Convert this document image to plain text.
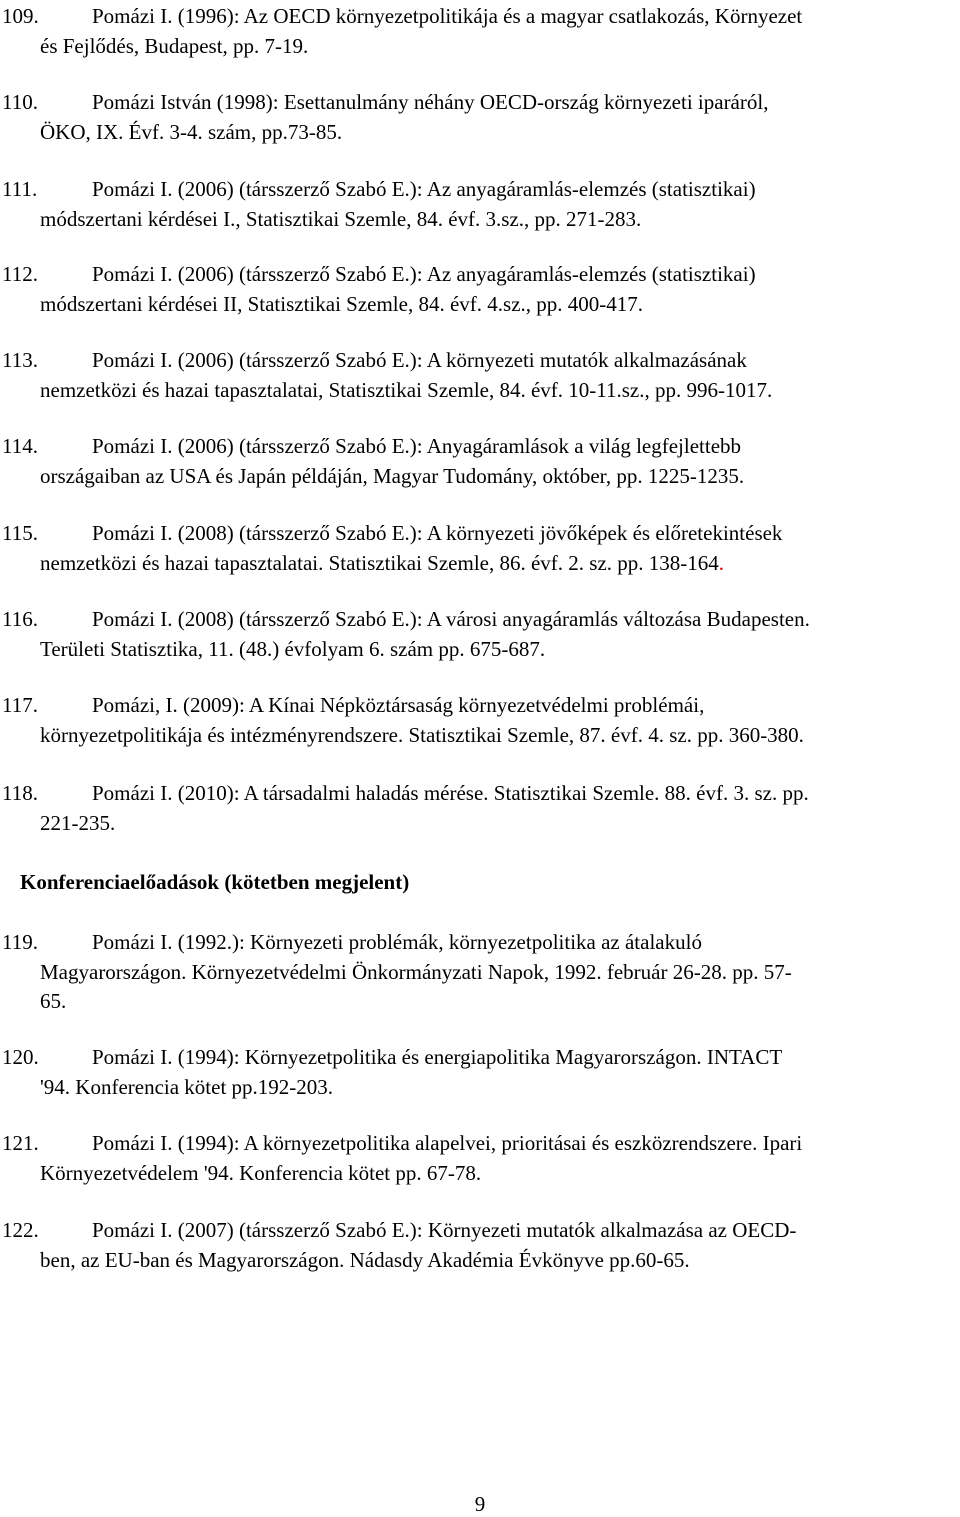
Konferenciaelőadások (kötetben megjelent)
9
109.	Pomázi I. (1996): Az OECD környezetpolitikája és a magyar csatlakozás, Környezet
és Fejlődés, Budapest, pp. 7-19.
110.	Pomázi István (1998): Esettanulmány néhány OECD-ország környezeti iparáról,
ÖKO, IX. Évf. 3-4. szám, pp.73-85.
111.	Pomázi I. (2006) (társszerző Szabó E.): Az anyagáramlás-elemzés (statisztikai)
módszertani kérdései I., Statisztikai Szemle, 84. évf. 3.sz., pp. 271-283.
112.	Pomázi I. (2006) (társszerző Szabó E.): Az anyagáramlás-elemzés (statisztikai)
módszertani kérdései II, Statisztikai Szemle, 84. évf. 4.sz., pp. 400-417.
113.	Pomázi I. (2006) (társszerző Szabó E.): A környezeti mutatók alkalmazásának
nemzetközi és hazai tapasztalatai, Statisztikai Szemle, 84. évf. 10-11.sz., pp. 996-1017.
114.	Pomázi I. (2006) (társszerző Szabó E.): Anyagáramlások a világ legfejlettebb
országaiban az USA és Japán példáján, Magyar Tudomány, október, pp. 1225-1235.
115.	Pomázi I. (2008) (társszerző Szabó E.): A környezeti jövőképek és előretekintések
nemzetközi és hazai tapasztalatai. Statisztikai Szemle, 86. évf. 2. sz. pp. 138-164.
116.	Pomázi I. (2008) (társszerző Szabó E.): A városi anyagáramlás változása Budapesten.
Területi Statisztika, 11. (48.) évfolyam 6. szám pp. 675-687.
117.	Pomázi, I. (2009): A Kínai Népköztársaság környezetvédelmi problémái,
környezetpolitikája és intézményrendszere. Statisztikai Szemle, 87. évf. 4. sz. pp. 360-380.
118.	Pomázi I. (2010): A társadalmi haladás mérése. Statisztikai Szemle. 88. évf. 3. sz. pp.
221-235.
119.	Pomázi I. (1992.): Környezeti problémák, környezetpolitika az átalakuló
Magyarországon. Környezetvédelmi Önkormányzati Napok, 1992. február 26-28. pp. 57-
65.
120.	Pomázi I. (1994): Környezetpolitika és energiapolitika Magyarországon. INTACT
'94. Konferencia kötet pp.192-203.
121.	Pomázi I. (1994): A környezetpolitika alapelvei, prioritásai és eszközrendszere. Ipari
Környezetvédelem '94. Konferencia kötet pp. 67-78.
122.	Pomázi I. (2007) (társszerző Szabó E.): Környezeti mutatók alkalmazása az OECD-
ben, az EU-ban és Magyarországon. Nádasdy Akadémia Évkönyve pp.60-65.
